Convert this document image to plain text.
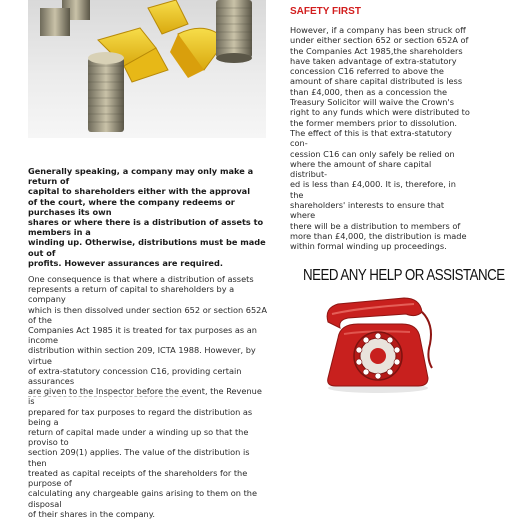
Generally speaking, a company may only make a return of
capital to shareholders either with the approval
of the court, where the company redeems or purchases its own
shares or where there is a distribution of assets to members in a
winding up. Otherwise, distributions must be made out of
profits. However assurances are required.

One consequence is that where a distribution of assets
represents a return of capital to shareholders by a company
which is then dissolved under section 652 or section 652A of the
Companies Act 1985 it is treated for tax purposes as an income
distribution within section 209, ICTA 1988. However, by virtue
of extra-statutory concession C16, providing certain assurances
are given to the Inspector before the event, the Revenue is
prepared for tax purposes to regard the distribution as being a
return of capital made under a winding up so that the proviso to
section 209(1) applies. The value of the distribution is then
treated as capital receipts of the shareholders for the purpose of
calculating any chargeable gains arising to them on the disposal
of their shares in the company.

SAFETY FIRST

However, if a company has been struck off
under either section 652 or section 652A of
the Companies Act 1985,the shareholders
have taken advantage of extra-statutory
concession C16 referred to above the
amount of share capital distributed is less
than £4,000, then as a concession the
Treasury Solicitor will waive the Crown's
right to any funds which were distributed to
the former members prior to dissolution.
The effect of this is that extra-statutory con-
cession C16 can only safely be relied on
where the amount of share capital distribut-
ed is less than £4,000. It is, therefore, in the
shareholders' interests to ensure that where
there will be a distribution to members of
more than £4,000, the distribution is made
within formal winding up proceedings.

NEED ANY HELP OR ASSISTANCE
